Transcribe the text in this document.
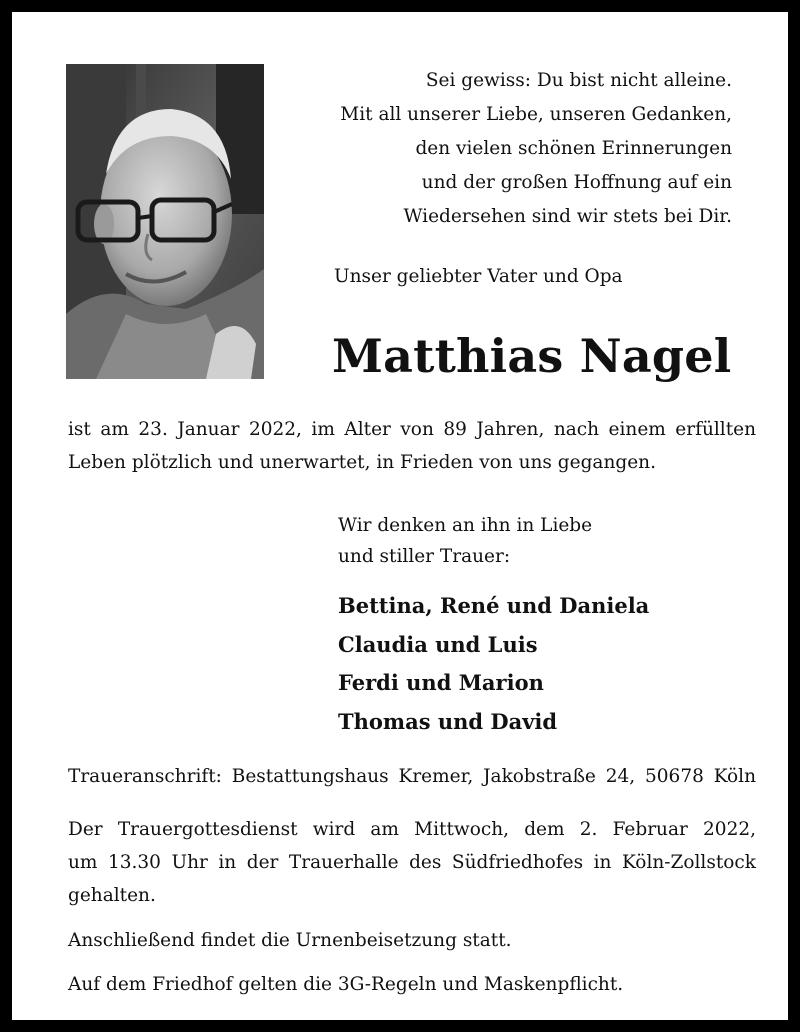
Sei gewiss: Du bist nicht alleine.
Mit all unserer Liebe, unseren Gedanken,
den vielen schönen Erinnerungen
und der großen Hoffnung auf ein
Wiedersehen sind wir stets bei Dir.
Unser geliebter Vater und Opa
Matthias Nagel
ist am 23. Januar 2022, im Alter von 89 Jahren, nach einem erfüllten
Leben plötzlich und unerwartet, in Frieden von uns gegangen.
Wir denken an ihn in Liebe
und stiller Trauer:
Bettina, René und Daniela
Claudia und Luis
Ferdi und Marion
Thomas und David
Traueranschrift: Bestattungshaus Kremer, Jakobstraße 24, 50678 Köln
Der Trauergottesdienst wird am Mittwoch, dem 2. Februar 2022,
um 13.30 Uhr in der Trauerhalle des Südfriedhofes in Köln-Zollstock
gehalten.
Anschließend findet die Urnenbeisetzung statt.
Auf dem Friedhof gelten die 3G-Regeln und Maskenpflicht.
